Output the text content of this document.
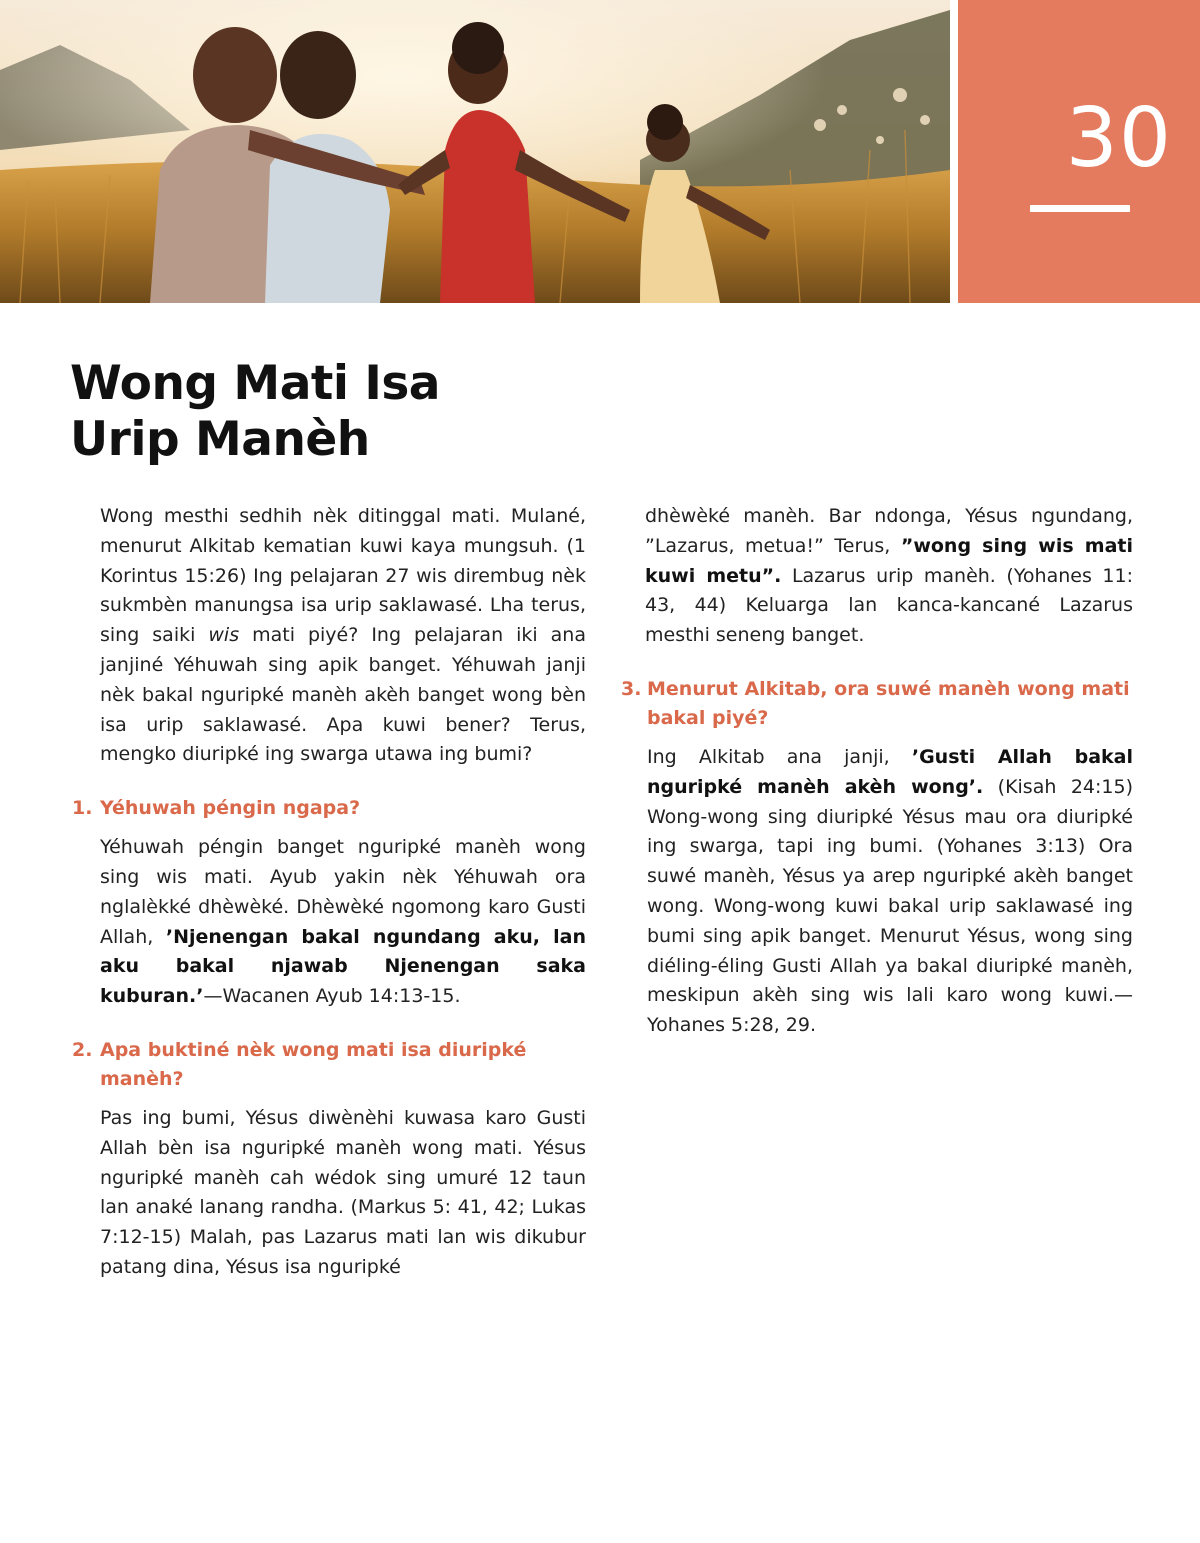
30
Wong Mati Isa
Urip Manèh

Wong mesthi sedhih nèk ditinggal mati. Mulané, menurut Alkitab kematian kuwi kaya mungsuh. (1 Korintus 15:26) Ing pelajaran 27 wis dirembug nèk sukmbèn manungsa isa urip saklawasé. Lha terus, sing saiki wis mati piyé? Ing pelajaran iki ana janjiné Yéhuwah sing apik banget. Yéhuwah janji nèk bakal nguripké manèh akèh banget wong bèn isa urip saklawasé. Apa kuwi bener? Terus, mengko diuripké ing swarga utawa ing bumi?

1. Yéhuwah péngin ngapa?

Yéhuwah péngin banget nguripké manèh wong sing wis mati. Ayub yakin nèk Yéhuwah ora nglalèkké dhèwèké. Dhèwèké ngomong karo Gusti Allah, ’Njenengan bakal ngundang aku, lan aku bakal njawab Njenengan saka kuburan.’—Wacanen Ayub 14:13-15.

2. Apa buktiné nèk wong mati isa diuripké manèh?

Pas ing bumi, Yésus diwènèhi kuwasa karo Gusti Allah bèn isa nguripké manèh wong mati. Yésus nguripké manèh cah wédok sing umuré 12 taun lan anaké lanang randha. (Markus 5: 41, 42; Lukas 7:12-15) Malah, pas Lazarus mati lan wis dikubur patang dina, Yésus isa nguripké

dhèwèké manèh. Bar ndonga, Yésus ngundang, ”Lazarus, metua!” Terus, ”wong sing wis mati kuwi metu”. Lazarus urip manèh. (Yohanes 11: 43, 44) Keluarga lan kanca-kancané Lazarus mesthi seneng banget.

3. Menurut Alkitab, ora suwé manèh wong mati bakal piyé?

Ing Alkitab ana janji, ’Gusti Allah bakal nguripké manèh akèh wong’. (Kisah 24:15) Wong-wong sing diuripké Yésus mau ora diuripké ing swarga, tapi ing bumi. (Yohanes 3:13) Ora suwé manèh, Yésus ya arep nguripké akèh banget wong. Wong-wong kuwi bakal urip saklawasé ing bumi sing apik banget. Menurut Yésus, wong sing diéling-éling Gusti Allah ya bakal diuripké manèh, meskipun akèh sing wis lali karo wong kuwi.—Yohanes 5:28, 29.
